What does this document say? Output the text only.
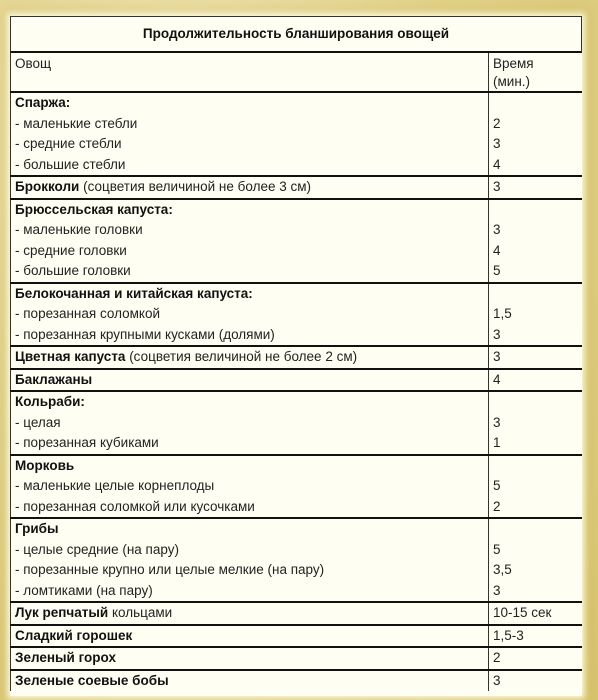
Продолжительность бланширования овощей
Овощ	Время
(мин.)
Спаржа:	
- маленькие стебли	2
- средние стебли	3
- большие стебли	4
Брокколи (соцветия величиной не более 3 см)	3
Брюссельская капуста:	
- маленькие головки	3
- средние головки	4
- большие головки	5
Белокочанная и китайская капуста:	
- порезанная соломкой	1,5
- порезанная крупными кусками (долями)	3
Цветная капуста (соцветия величиной не более 2 см)	3
Баклажаны	4
Кольраби:	
- целая	3
- порезанная кубиками	1
Морковь	
- маленькие целые корнеплоды	5
- порезанная соломкой или кусочками	2
Грибы	
- целые средние (на пару)	5
- порезанные крупно или целые мелкие (на пару)	3,5
- ломтиками (на пару)	3
Лук репчатый кольцами	10-15 сек
Сладкий горошек	1,5-3
Зеленый горох	2
Зеленые соевые бобы	3
